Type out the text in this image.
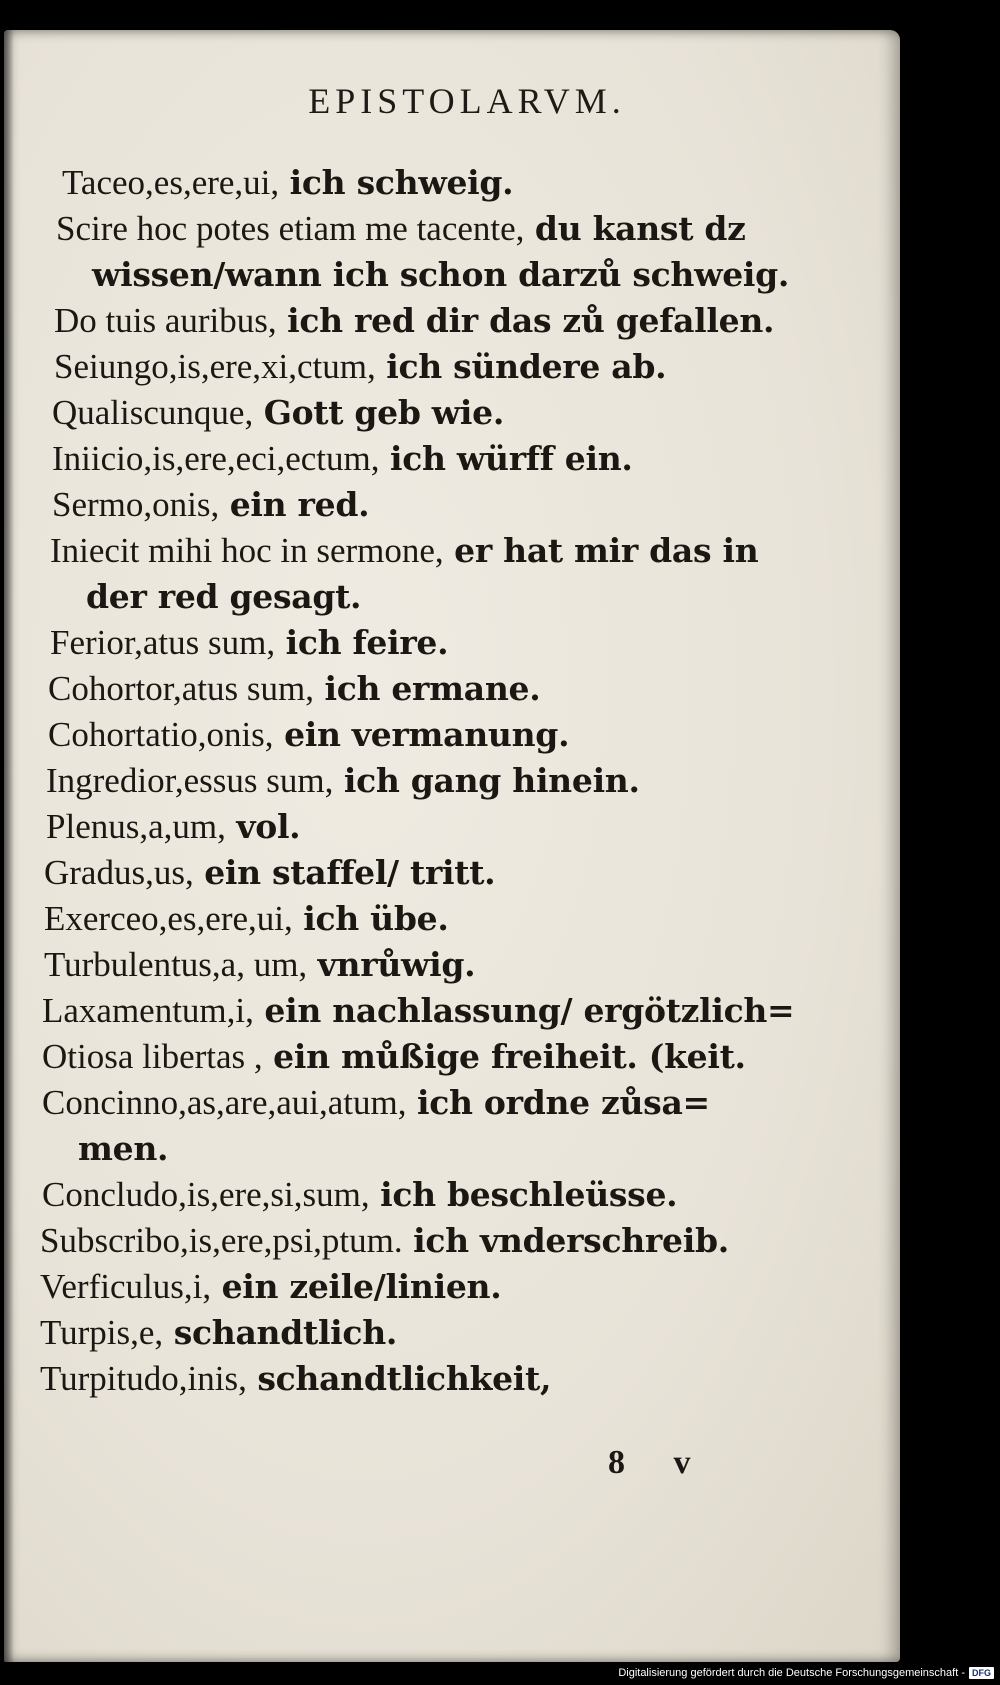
EPISTOLARVM.
Taceo,es,ere,ui, ich schweig.
Scire hoc potes etiam me tacente, du kanst dz
wissen/wann ich schon darzů schweig.
Do tuis auribus, ich red dir das zů gefallen.
Seiungo,is,ere,xi,ctum, ich sündere ab.
Qualiscunque, Gott geb wie.
Iniicio,is,ere,eci,ectum, ich würff ein.
Sermo,onis, ein red.
Iniecit mihi hoc in sermone, er hat mir das in
der red gesagt.
Ferior,atus sum, ich feire.
Cohortor,atus sum, ich ermane.
Cohortatio,onis, ein vermanung.
Ingredior,essus sum, ich gang hinein.
Plenus,a,um, vol.
Gradus,us, ein staffel/ tritt.
Exerceo,es,ere,ui, ich übe.
Turbulentus,a, um, vnrůwig.
Laxamentum,i, ein nachlassung/ ergötzlich=
Otiosa libertas , ein můßige freiheit. (keit.
Concinno,as,are,aui,atum, ich ordne zůsa=
men.
Concludo,is,ere,si,sum, ich beschleüsse.
Subscribo,is,ere,psi,ptum. ich vnderschreib.
Verficulus,i, ein zeile/linien.
Turpis,e, schandtlich.
Turpitudo,inis, schandtlichkeit,
8 v
Digitalisierung gefördert durch die Deutsche Forschungsgemeinschaft - DFG
